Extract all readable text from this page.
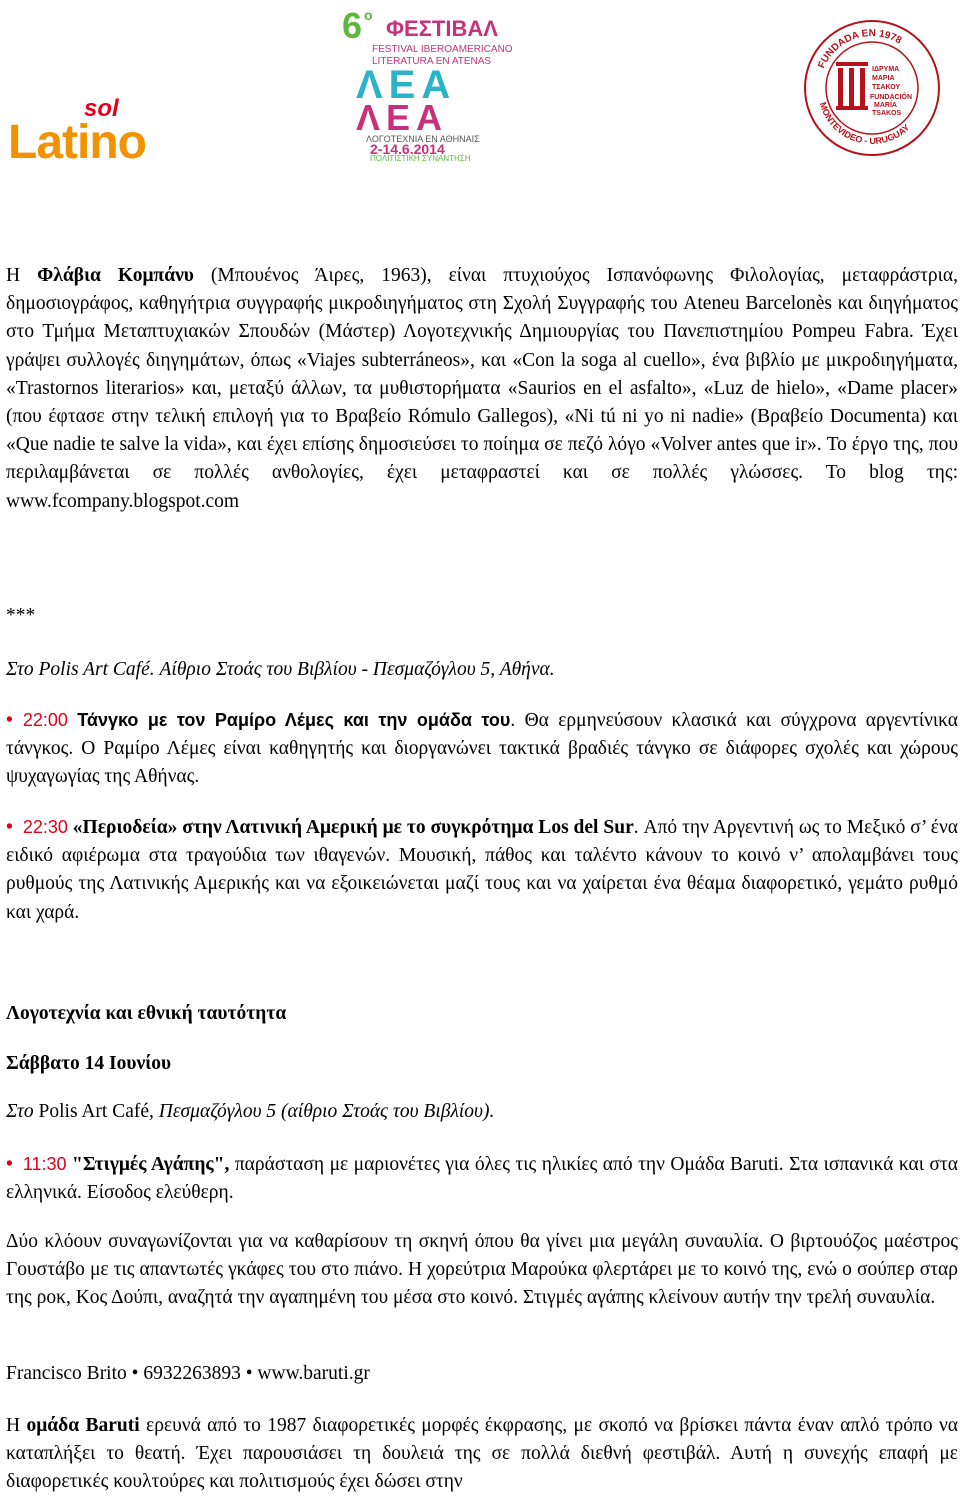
sol
Latino
6 ο
ΦΕΣΤΙΒΑΛ
FESTIVAL IBEROAMERICANO
LITERATURA EN ATENAS
ΛΕΑ
ΛΕΑ
ΛΟΓΟΤΕΧΝΙΑ ΕΝ ΑΘΗΝΑΙΣ
2-14.6.2014
ΠΟΛΙΤΙΣΤΙΚΗ ΣΥΝΑΝΤΗΣΗ
FUNDADA EN 1978
MONTEVIDEO - URUGUAY
ΙΔΡΥΜΑ
ΜΑΡΙΑ
ΤΣΑΚΟΥ
FUNDACIÓN
MARÍA
TSAKOS

Η Φλάβια Κομπάνυ (Μπουένος Άιρες, 1963), είναι πτυχιούχος Ισπανόφωνης Φιλολογίας, μεταφράστρια, δημοσιογράφος, καθηγήτρια συγγραφής μικροδιηγήματος στη Σχολή Συγγραφής του Ateneu Barcelonès και διηγήματος στο Τμήμα Μεταπτυχιακών Σπουδών (Μάστερ) Λογοτεχνικής Δημιουργίας του Πανεπιστημίου Pompeu Fabra. Έχει γράψει συλλογές διηγημάτων, όπως «Viajes subterráneos», και «Con la soga al cuello», ένα βιβλίο με μικροδιηγήματα, «Trastornos literarios» και, μεταξύ άλλων, τα μυθιστορήματα «Saurios en el asfalto», «Luz de hielo», «Dame placer» (που έφτασε στην τελική επιλογή για το Βραβείο Rómulo Gallegos), «Ni tú ni yo ni nadie» (Βραβείο Documenta) και «Que nadie te salve la vida», και έχει επίσης δημοσιεύσει το ποίημα σε πεζό λόγο «Volver antes que ir». Το έργο της, που περιλαμβάνεται σε πολλές ανθολογίες, έχει μεταφραστεί και σε πολλές γλώσσες. Το blog της: www.fcompany.blogspot.com

***

Στο Polis Art Café. Αίθριο Στοάς του Βιβλίου - Πεσμαζόγλου 5, Αθήνα.

• 22:00 Τάνγκο με τον Ραμίρο Λέμες και την ομάδα του. Θα ερμηνεύσουν κλασικά και σύγχρονα αργεντίνικα τάνγκος. Ο Ραμίρο Λέμες είναι καθηγητής και διοργανώνει τακτικά βραδιές τάνγκο σε διάφορες σχολές και χώρους ψυχαγωγίας της Αθήνας.

• 22:30 «Περιοδεία» στην Λατινική Αμερική με το συγκρότημα Los del Sur. Από την Αργεντινή ως το Μεξικό σ’ ένα ειδικό αφιέρωμα στα τραγούδια των ιθαγενών. Μουσική, πάθος και ταλέντο κάνουν το κοινό ν’ απολαμβάνει τους ρυθμούς της Λατινικής Αμερικής και να εξοικειώνεται μαζί τους και να χαίρεται ένα θέαμα διαφορετικό, γεμάτο ρυθμό και χαρά.

Λογοτεχνία και εθνική ταυτότητα

Σάββατο 14 Ιουνίου

Στο Polis Art Café, Πεσμαζόγλου 5 (αίθριο Στοάς του Βιβλίου).

• 11:30 "Στιγμές Αγάπης", παράσταση με μαριονέτες για όλες τις ηλικίες από την Ομάδα Baruti. Στα ισπανικά και στα ελληνικά. Είσοδος ελεύθερη.

Δύο κλόουν συναγωνίζονται για να καθαρίσουν τη σκηνή όπου θα γίνει μια μεγάλη συναυλία. Ο βιρτουόζος μαέστρος Γουστάβο με τις απαντωτές γκάφες του στο πιάνο. Η χορεύτρια Μαρούκα φλερτάρει με το κοινό της, ενώ ο σούπερ σταρ της ροκ, Κος Δούπι, αναζητά την αγαπημένη του μέσα στο κοινό. Στιγμές αγάπης κλείνουν αυτήν την τρελή συναυλία.

Francisco Brito • 6932263893 • www.baruti.gr

Η ομάδα Baruti ερευνά από το 1987 διαφορετικές μορφές έκφρασης, με σκοπό να βρίσκει πάντα έναν απλό τρόπο να καταπλήξει το θεατή. Έχει παρουσιάσει τη δουλειά της σε πολλά διεθνή φεστιβάλ. Αυτή η συνεχής επαφή με διαφορετικές κουλτούρες και πολιτισμούς έχει δώσει στην
